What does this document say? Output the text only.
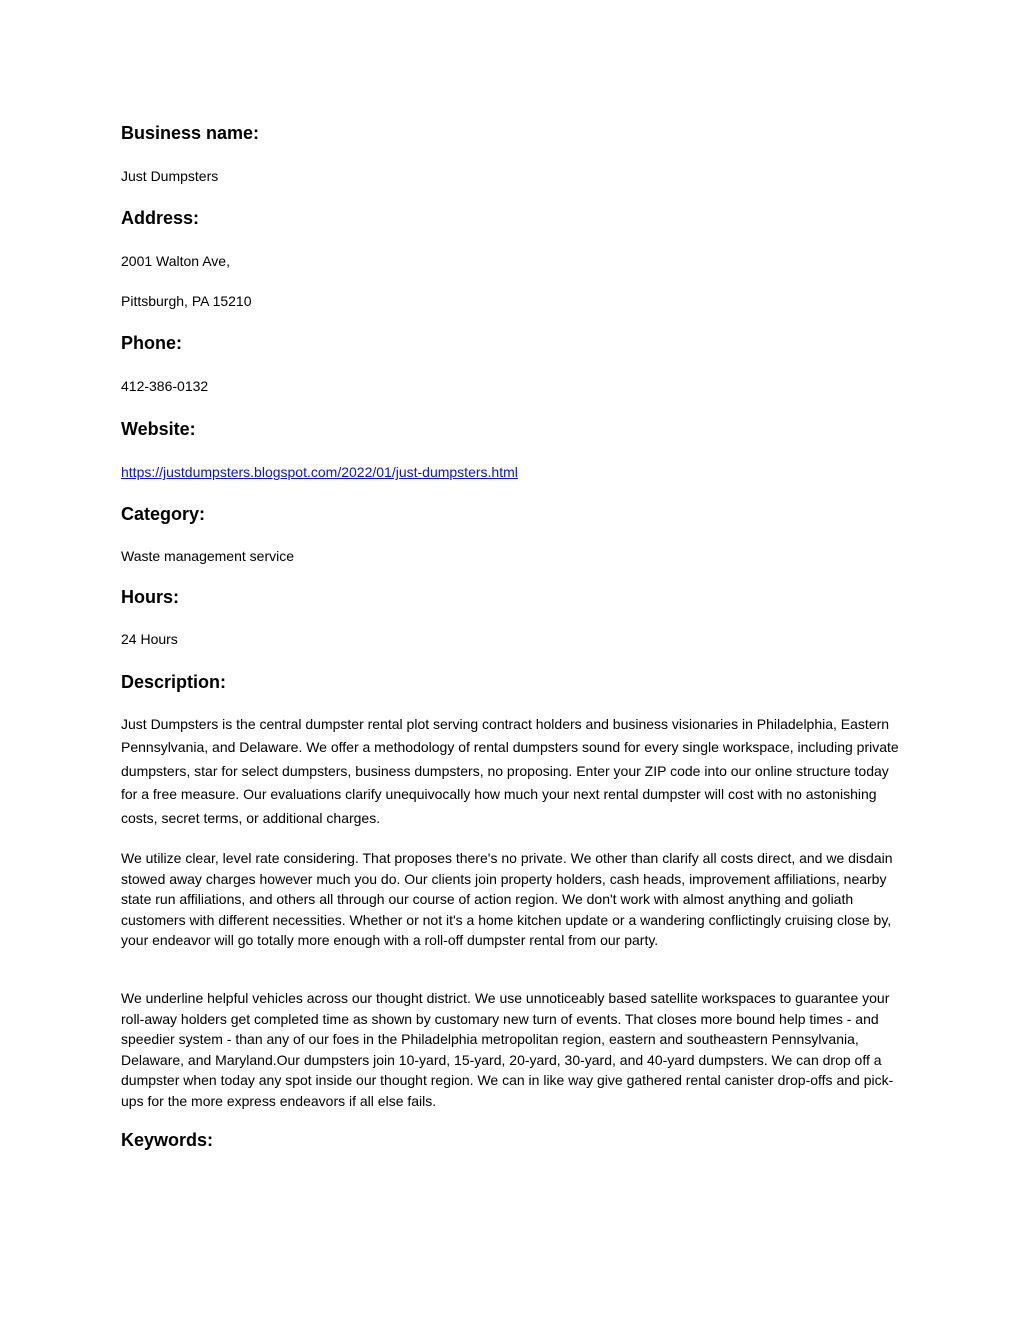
Business name:
Just Dumpsters
Address:
2001 Walton Ave,
Pittsburgh, PA 15210
Phone:
412-386-0132
Website:
https://justdumpsters.blogspot.com/2022/01/just-dumpsters.html
Category:
Waste management service
Hours:
24 Hours
Description:
Just Dumpsters is the central dumpster rental plot serving contract holders and business visionaries in Philadelphia, Eastern Pennsylvania, and Delaware. We offer a methodology of rental dumpsters sound for every single workspace, including private dumpsters, star for select dumpsters, business dumpsters, no proposing. Enter your ZIP code into our online structure today for a free measure. Our evaluations clarify unequivocally how much your next rental dumpster will cost with no astonishing costs, secret terms, or additional charges.
We utilize clear, level rate considering. That proposes there's no private. We other than clarify all costs direct, and we disdain stowed away charges however much you do. Our clients join property holders, cash heads, improvement affiliations, nearby state run affiliations, and others all through our course of action region. We don't work with almost anything and goliath customers with different necessities. Whether or not it's a home kitchen update or a wandering conflictingly cruising close by, your endeavor will go totally more enough with a roll-off dumpster rental from our party.
We underline helpful vehicles across our thought district. We use unnoticeably based satellite workspaces to guarantee your roll-away holders get completed time as shown by customary new turn of events. That closes more bound help times - and speedier system - than any of our foes in the Philadelphia metropolitan region, eastern and southeastern Pennsylvania, Delaware, and Maryland.Our dumpsters join 10-yard, 15-yard, 20-yard, 30-yard, and 40-yard dumpsters. We can drop off a dumpster when today any spot inside our thought region. We can in like way give gathered rental canister drop-offs and pick-ups for the more express endeavors if all else fails.
Keywords:
